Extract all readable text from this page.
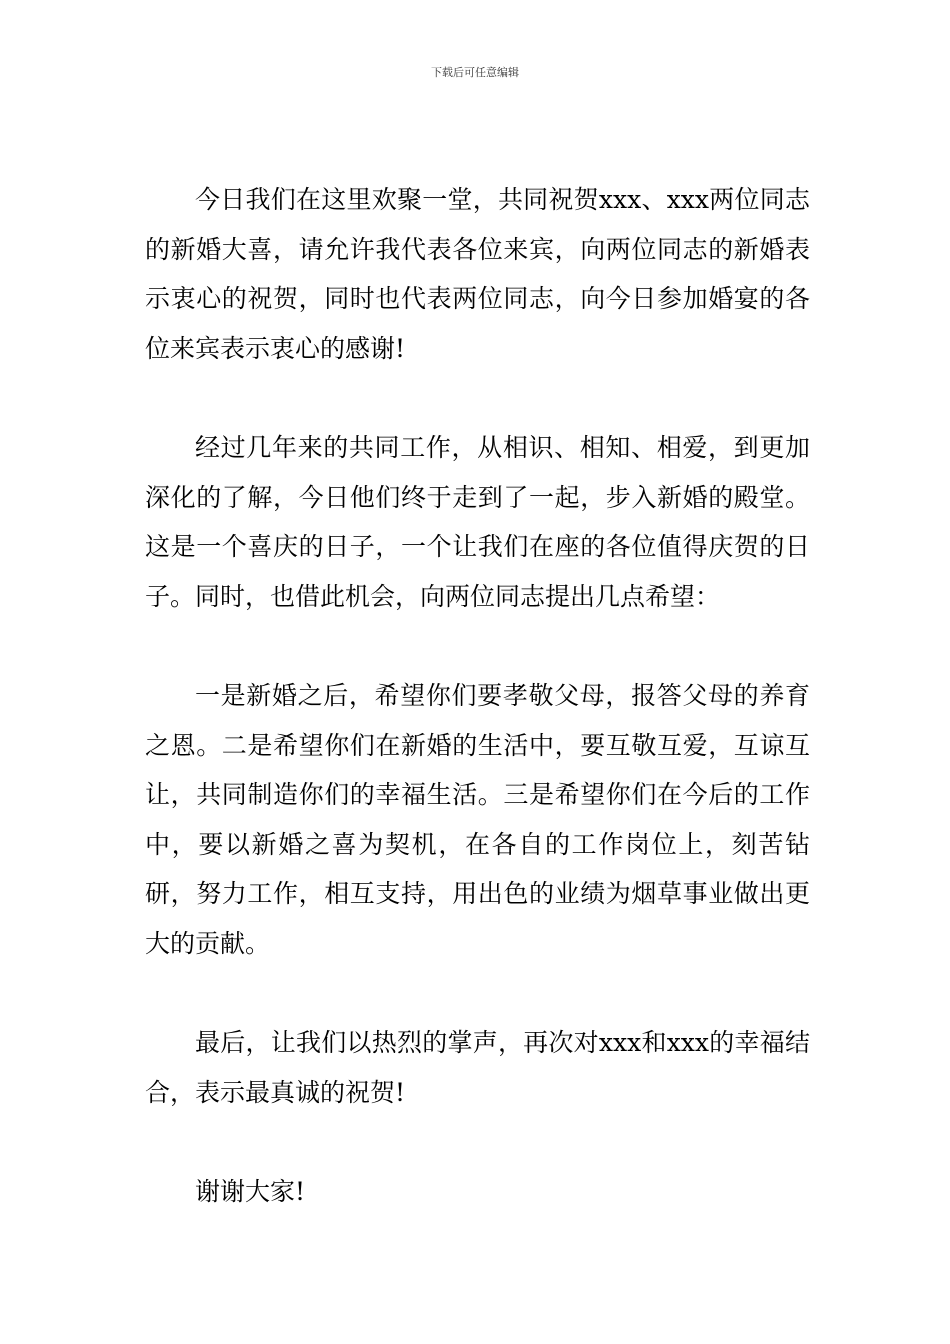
下载后可任意编辑

今日我们在这里欢聚一堂，共同祝贺xxx、xxx两位同志的新婚大喜，请允许我代表各位来宾，向两位同志的新婚表示衷心的祝贺，同时也代表两位同志，向今日参加婚宴的各位来宾表示衷心的感谢!

经过几年来的共同工作，从相识、相知、相爱，到更加深化的了解，今日他们终于走到了一起，步入新婚的殿堂。这是一个喜庆的日子，一个让我们在座的各位值得庆贺的日子。同时，也借此机会，向两位同志提出几点希望：

一是新婚之后，希望你们要孝敬父母，报答父母的养育之恩。二是希望你们在新婚的生活中，要互敬互爱，互谅互让，共同制造你们的幸福生活。三是希望你们在今后的工作中，要以新婚之喜为契机，在各自的工作岗位上，刻苦钻研，努力工作，相互支持，用出色的业绩为烟草事业做出更大的贡献。

最后，让我们以热烈的掌声，再次对xxx和xxx的幸福结合，表示最真诚的祝贺!

谢谢大家!
